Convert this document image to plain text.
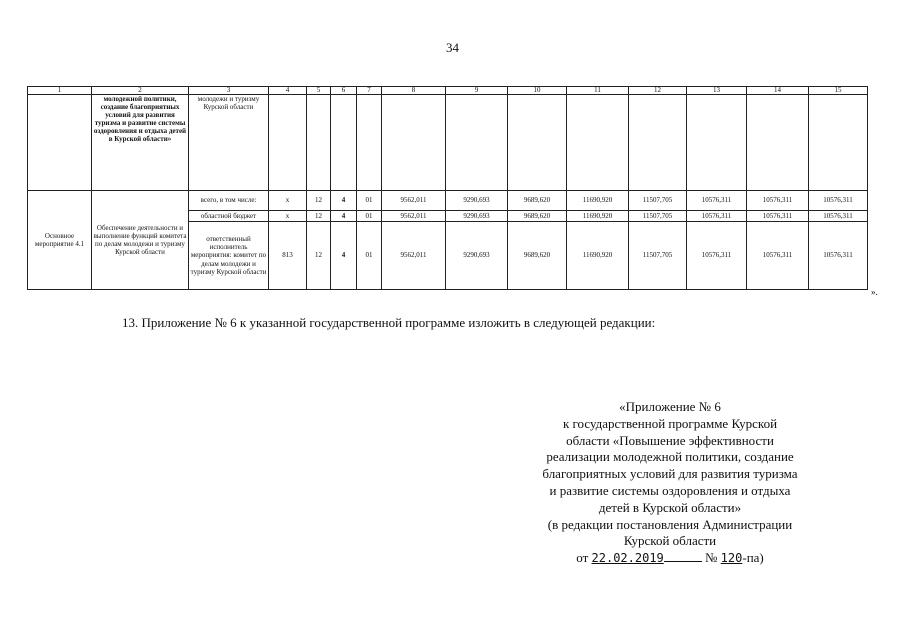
34
1	2	3	4	5	6	7	8	9	10	11	12	13	14	15
	молодежной политики, создание благоприятных условий для развития туризма и развитие системы оздоровления и отдыха детей в Курской области»	молодежи и туризму Курской области												
Основное мероприятие 4.1	Обеспечение деятельности и выполнение функций комитета по делам молодежи и туризму Курской области	всего, в том числе:	x	12	4	01	9562,011	9290,693	9689,620	11690,920	11507,705	10576,311	10576,311	10576,311
		областной бюджет	x	12	4	01	9562,011	9290,693	9689,620	11690,920	11507,705	10576,311	10576,311	10576,311
		ответственный исполнитель мероприятия: комитет по делам молодежи и туризму Курской области	813	12	4	01	9562,011	9290,693	9689,620	11690,920	11507,705	10576,311	10576,311	10576,311
».
13. Приложение № 6 к указанной государственной программе изложить в следующей редакции:
«Приложение № 6
к государственной программе Курской
области «Повышение эффективности
реализации молодежной политики, создание
благоприятных условий для развития туризма
и развитие системы оздоровления и отдыха
детей в Курской области»
(в редакции постановления Администрации
Курской области
от 22.02.2019	№ 120-па)
